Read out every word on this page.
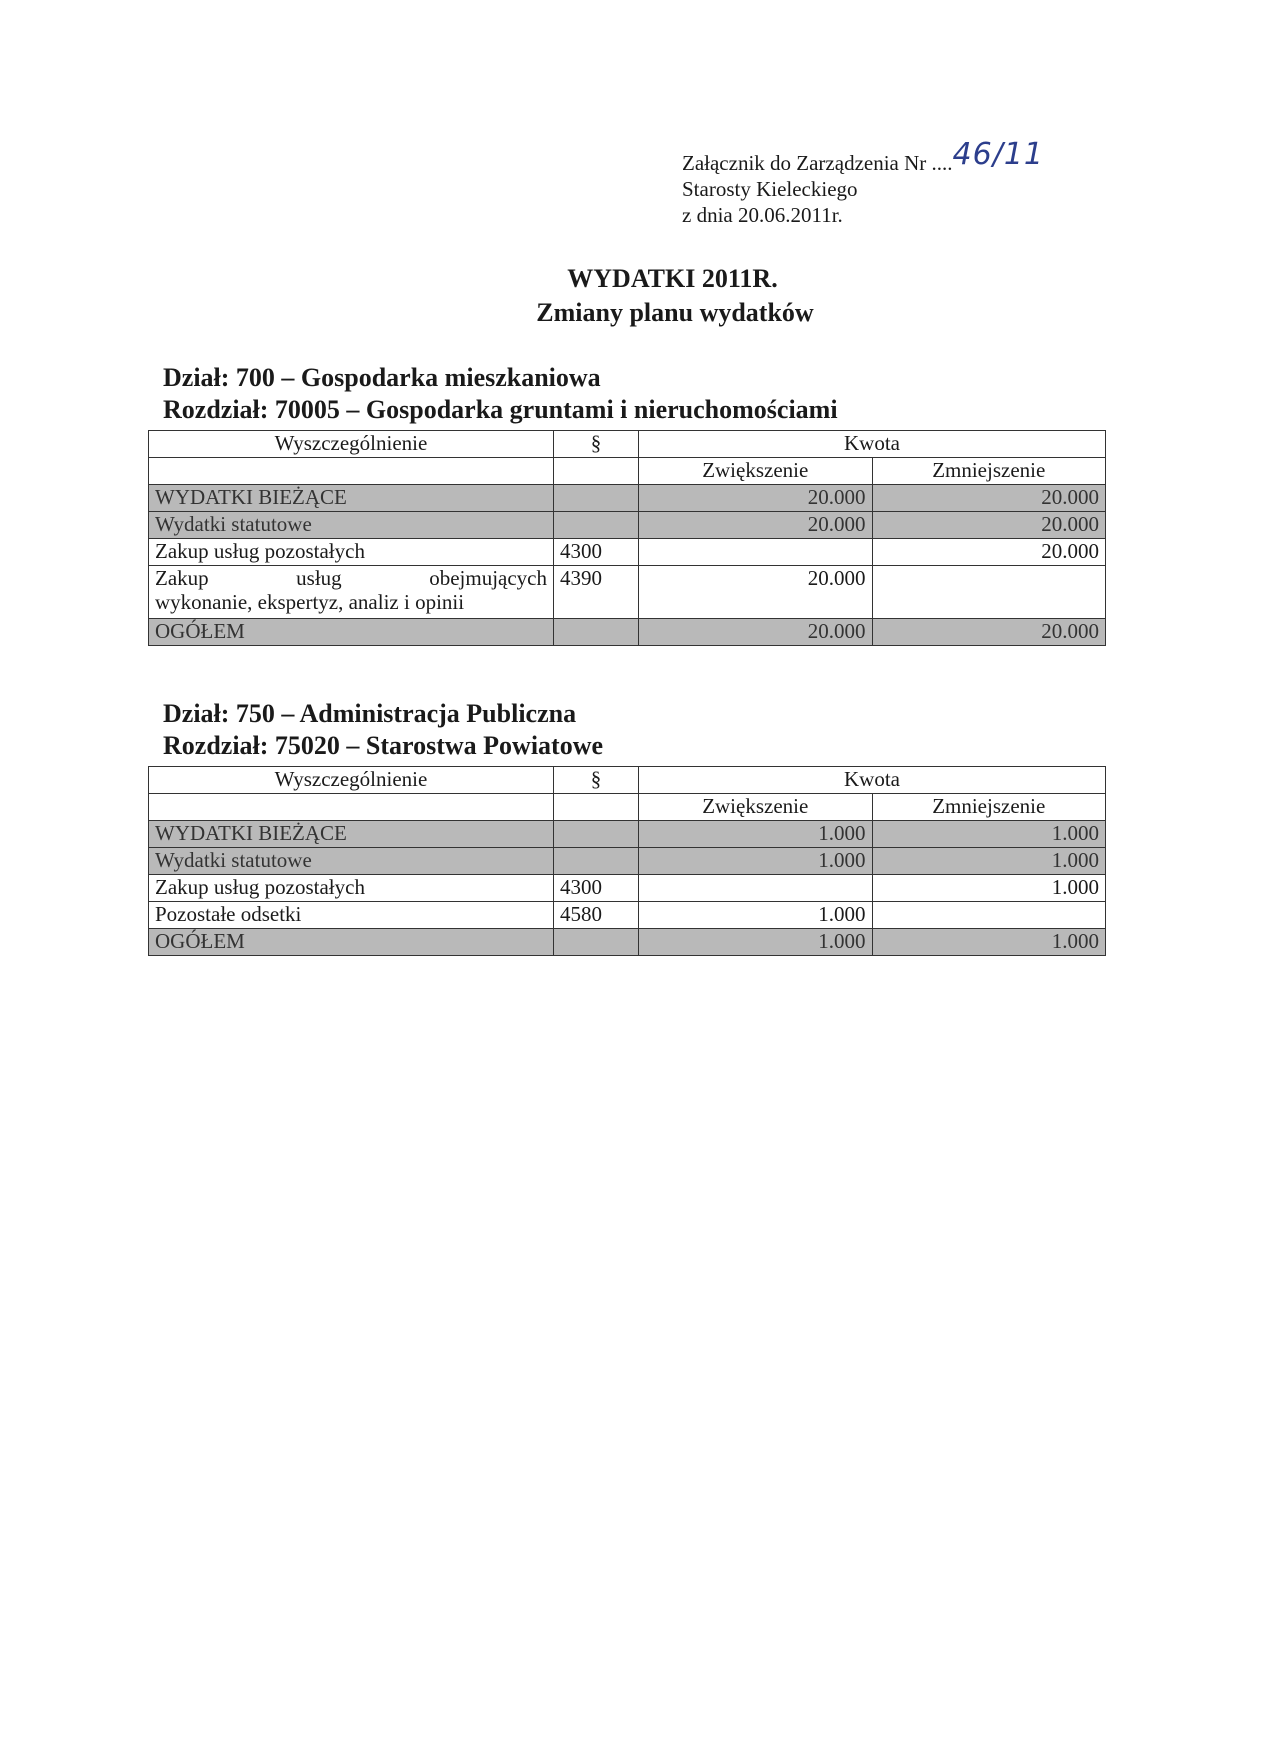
Załącznik do Zarządzenia Nr ....46/11
Starosty Kieleckiego
z dnia 20.06.2011r.
WYDATKI 2011R.
Zmiany planu wydatków
Dział: 700 – Gospodarka mieszkaniowa
Rozdział: 70005 – Gospodarka gruntami i nieruchomościami
Wyszczególnienie	§	Kwota	
		Zwiększenie	Zmniejszenie
WYDATKI BIEŻĄCE		20.000	20.000
Wydatki statutowe		20.000	20.000
Zakup usług pozostałych	4300		20.000

Zakup usług obejmujących
wykonanie, ekspertyz, analiz i opinii	4390	20.000	
OGÓŁEM		20.000	20.000
Dział: 750 – Administracja Publiczna
Rozdział: 75020 – Starostwa Powiatowe
Wyszczególnienie	§	Kwota	
		Zwiększenie	Zmniejszenie
WYDATKI BIEŻĄCE		1.000	1.000
Wydatki statutowe		1.000	1.000
Zakup usług pozostałych	4300		1.000
Pozostałe odsetki	4580	1.000	
OGÓŁEM		1.000	1.000
